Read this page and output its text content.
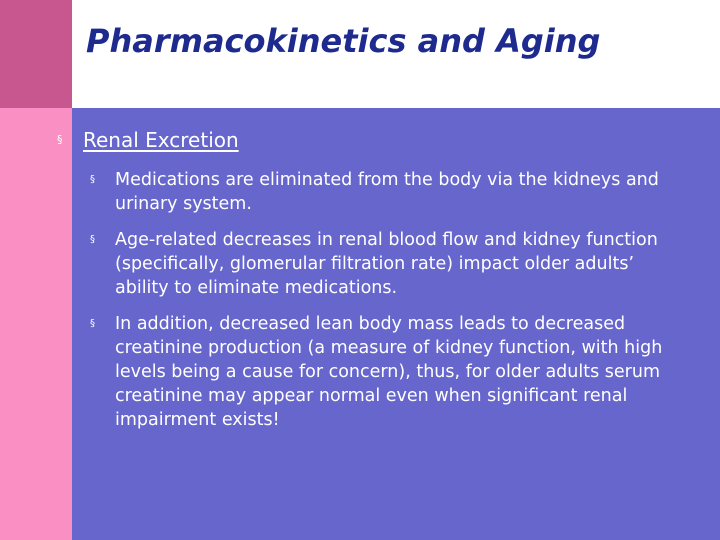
Pharmacokinetics and Aging
§ Renal Excretion
§ Medications are eliminated from the body via the kidneys and urinary system.
§ Age-related decreases in renal blood flow and kidney function (specifically, glomerular filtration rate) impact older adults’ ability to eliminate medications.
§ In addition, decreased lean body mass leads to decreased creatinine production (a measure of kidney function, with high levels being a cause for concern), thus, for older adults serum creatinine may appear normal even when significant renal impairment exists!
